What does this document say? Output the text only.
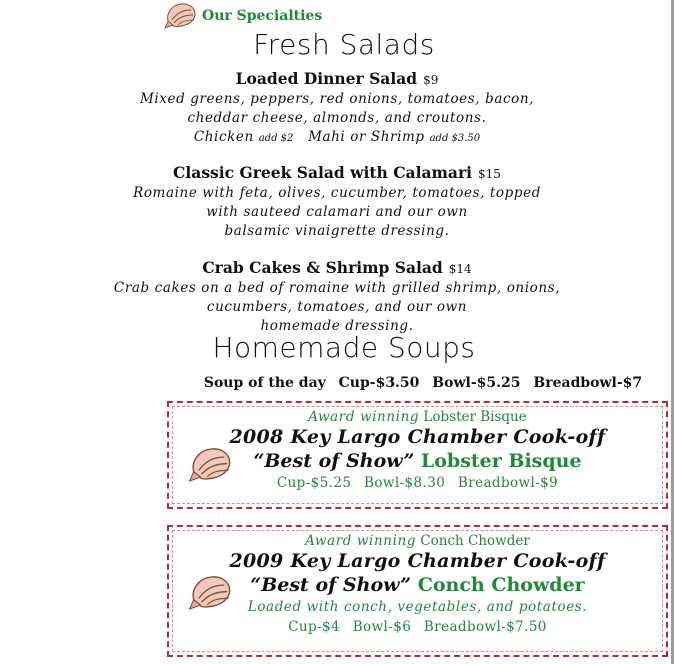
Our Specialties
Fresh Salads
Loaded Dinner Salad $9
Mixed greens, peppers, red onions, tomatoes, bacon,
cheddar cheese, almonds, and croutons.
Chicken add $2 Mahi or Shrimp add $3.50
Classic Greek Salad with Calamari $15
Romaine with feta, olives, cucumber, tomatoes, topped
with sauteed calamari and our own
balsamic vinaigrette dressing.
Crab Cakes & Shrimp Salad $14
Crab cakes on a bed of romaine with grilled shrimp, onions,
cucumbers, tomatoes, and our own
homemade dressing.
Homemade Soups
Soup of the day Cup-$3.50 Bowl-$5.25 Breadbowl-$7
Award winning Lobster Bisque
2008 Key Largo Chamber Cook-off
“Best of Show” Lobster Bisque
Cup-$5.25 Bowl-$8.30 Breadbowl-$9
Award winning Conch Chowder
2009 Key Largo Chamber Cook-off
“Best of Show” Conch Chowder
Loaded with conch, vegetables, and potatoes.
Cup-$4 Bowl-$6 Breadbowl-$7.50
